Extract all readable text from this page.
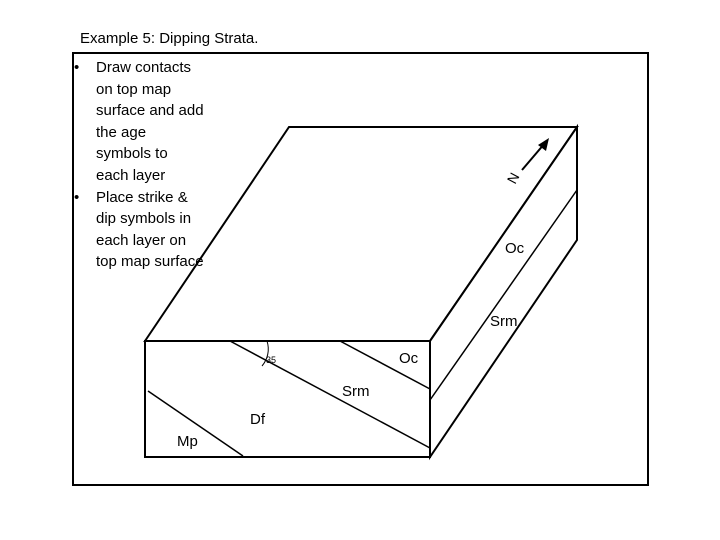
Example 5: Dipping Strata.
• Draw contacts on top map surface and add the age symbols to each layer
• Place strike & dip symbols in each layer on top map surface
N
Oc
Srm
Oc
Srm
Df
Mp
35
